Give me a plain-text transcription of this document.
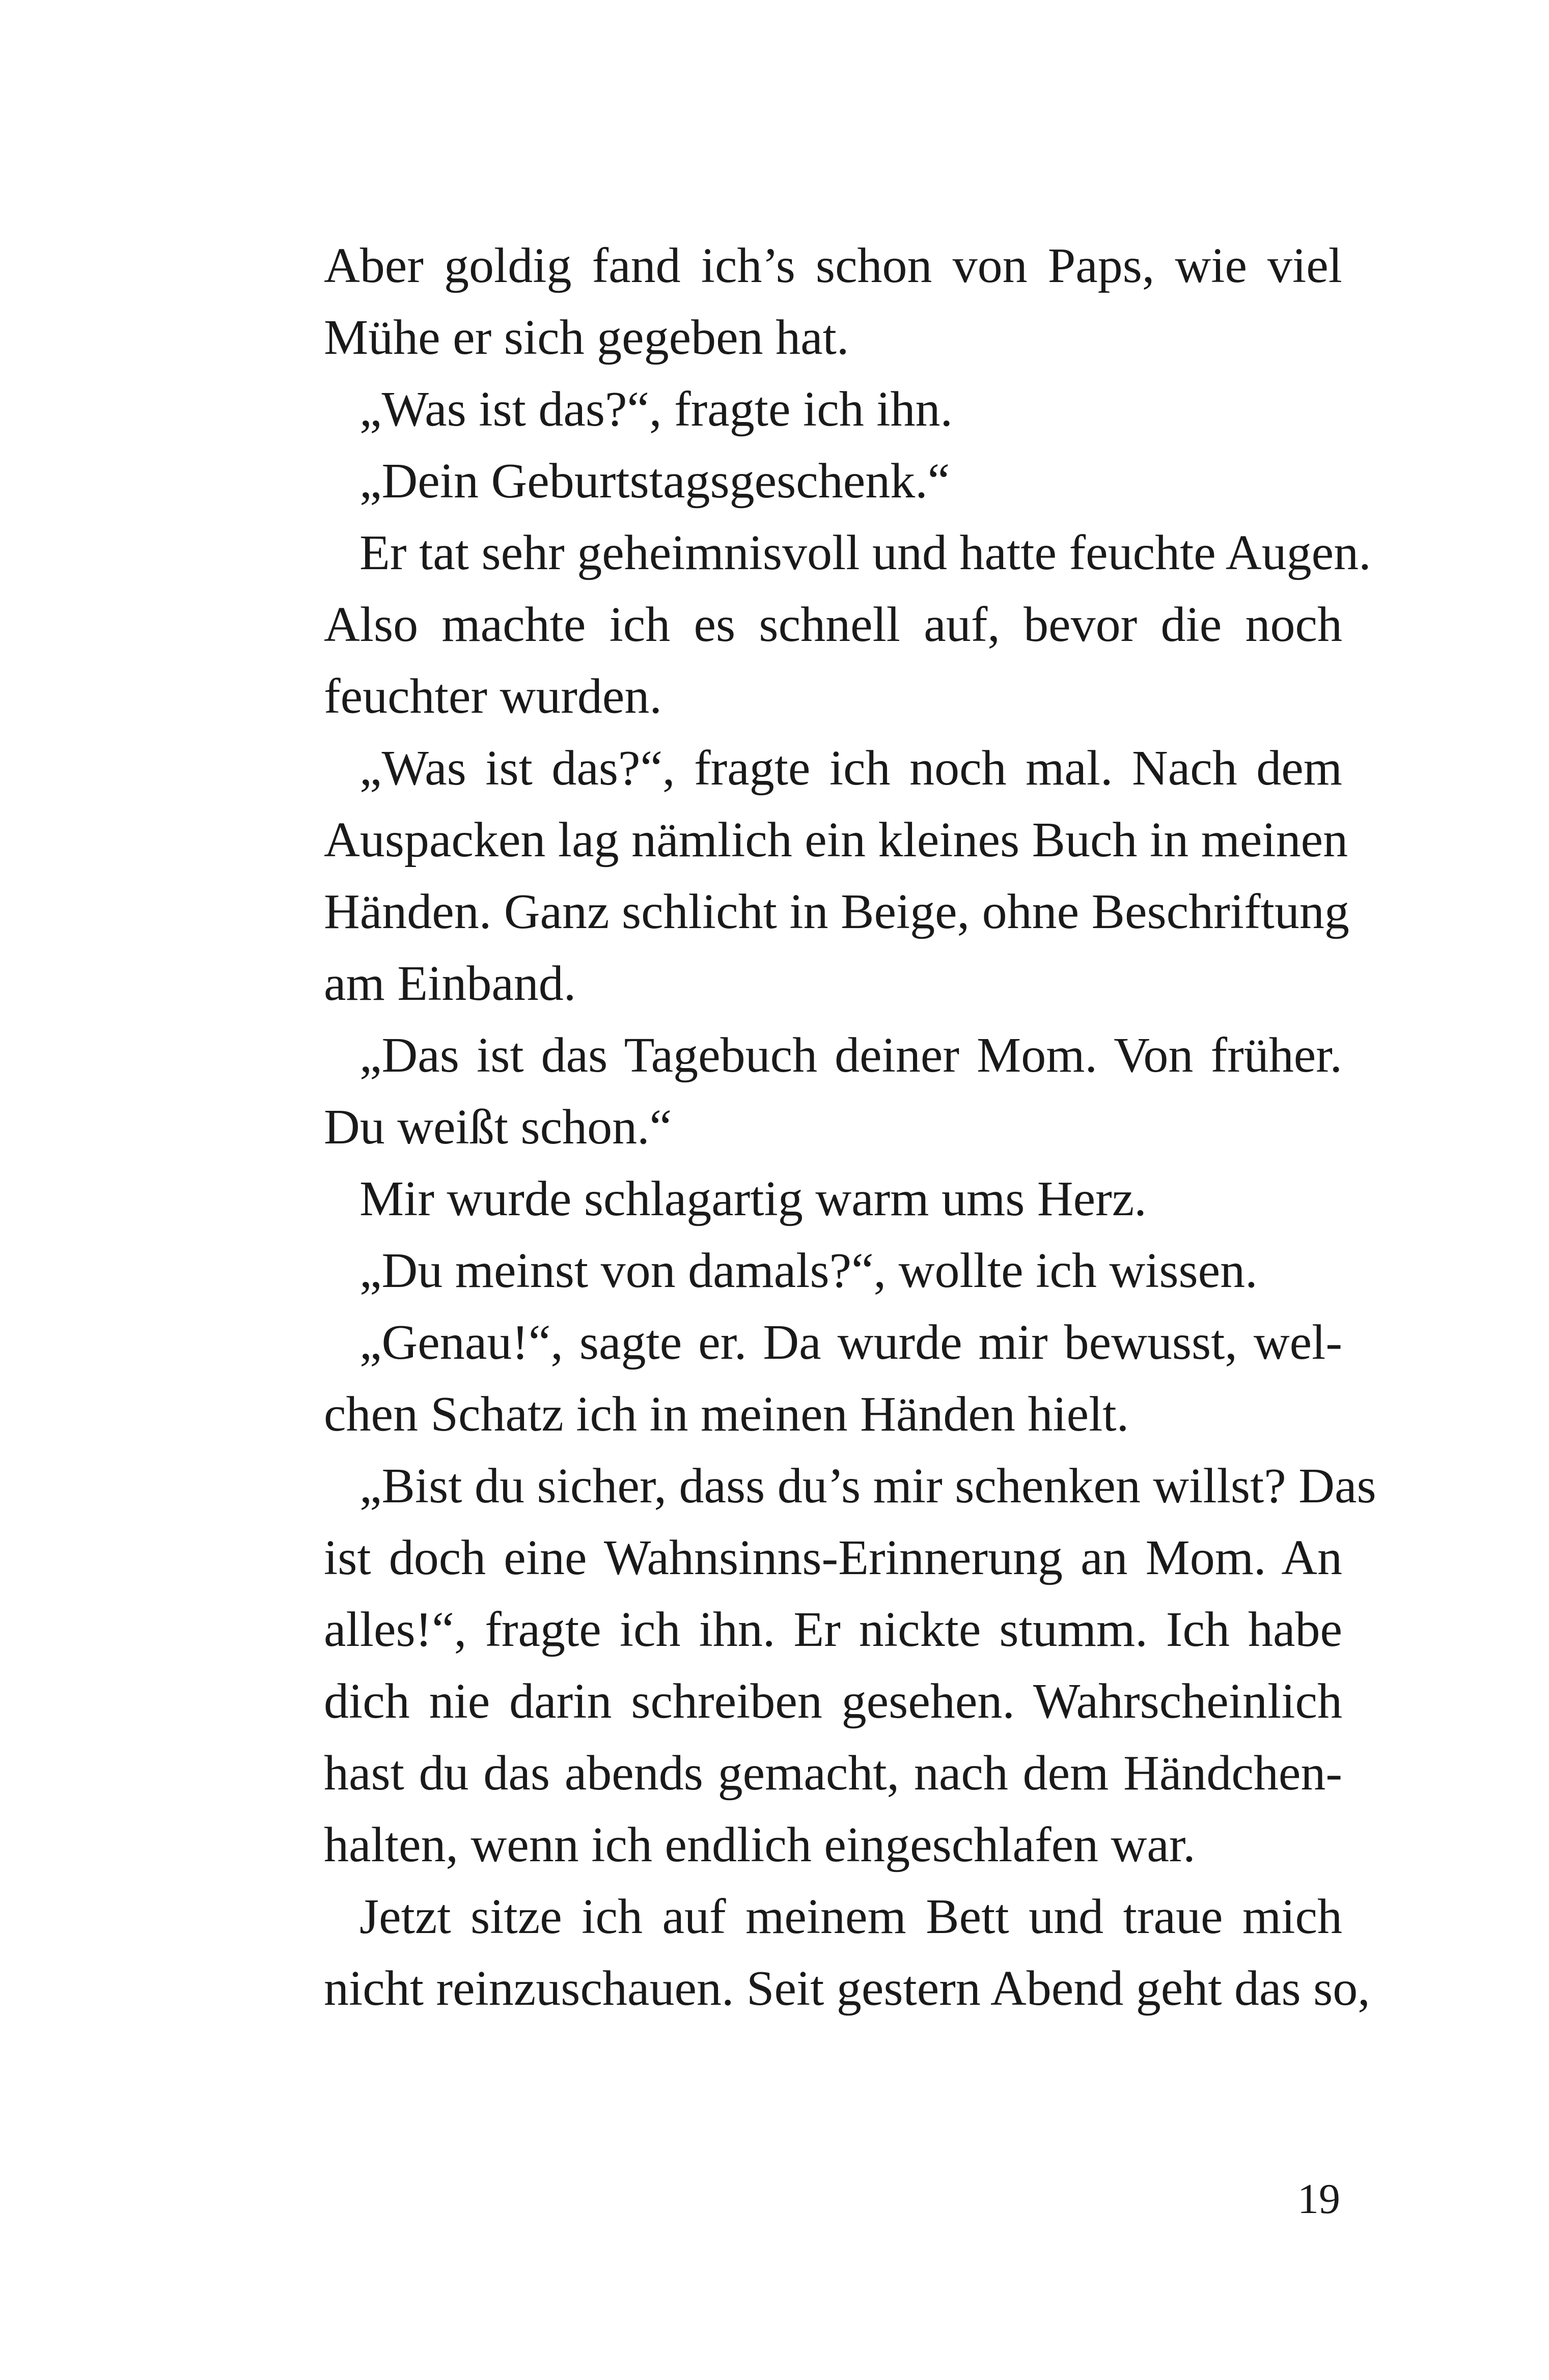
Aber goldig fand ich’s schon von Paps, wie viel
Mühe er sich gegeben hat.
„Was ist das?“, fragte ich ihn.
„Dein Geburtstagsgeschenk.“
Er tat sehr geheimnisvoll und hatte feuchte Augen.
Also machte ich es schnell auf, bevor die noch
feuchter wurden.
„Was ist das?“, fragte ich noch mal. Nach dem
Auspacken lag nämlich ein kleines Buch in meinen
Händen. Ganz schlicht in Beige, ohne Beschriftung
am Einband.
„Das ist das Tagebuch deiner Mom. Von früher.
Du weißt schon.“
Mir wurde schlagartig warm ums Herz.
„Du meinst von damals?“, wollte ich wissen.
„Genau!“, sagte er. Da wurde mir bewusst, wel-
chen Schatz ich in meinen Händen hielt.
„Bist du sicher, dass du’s mir schenken willst? Das
ist doch eine Wahnsinns-Erinnerung an Mom. An
alles!“, fragte ich ihn. Er nickte stumm. Ich habe
dich nie darin schreiben gesehen. Wahrscheinlich
hast du das abends gemacht, nach dem Händchen-
halten, wenn ich endlich eingeschlafen war.
Jetzt sitze ich auf meinem Bett und traue mich
nicht reinzuschauen. Seit gestern Abend geht das so,
19
